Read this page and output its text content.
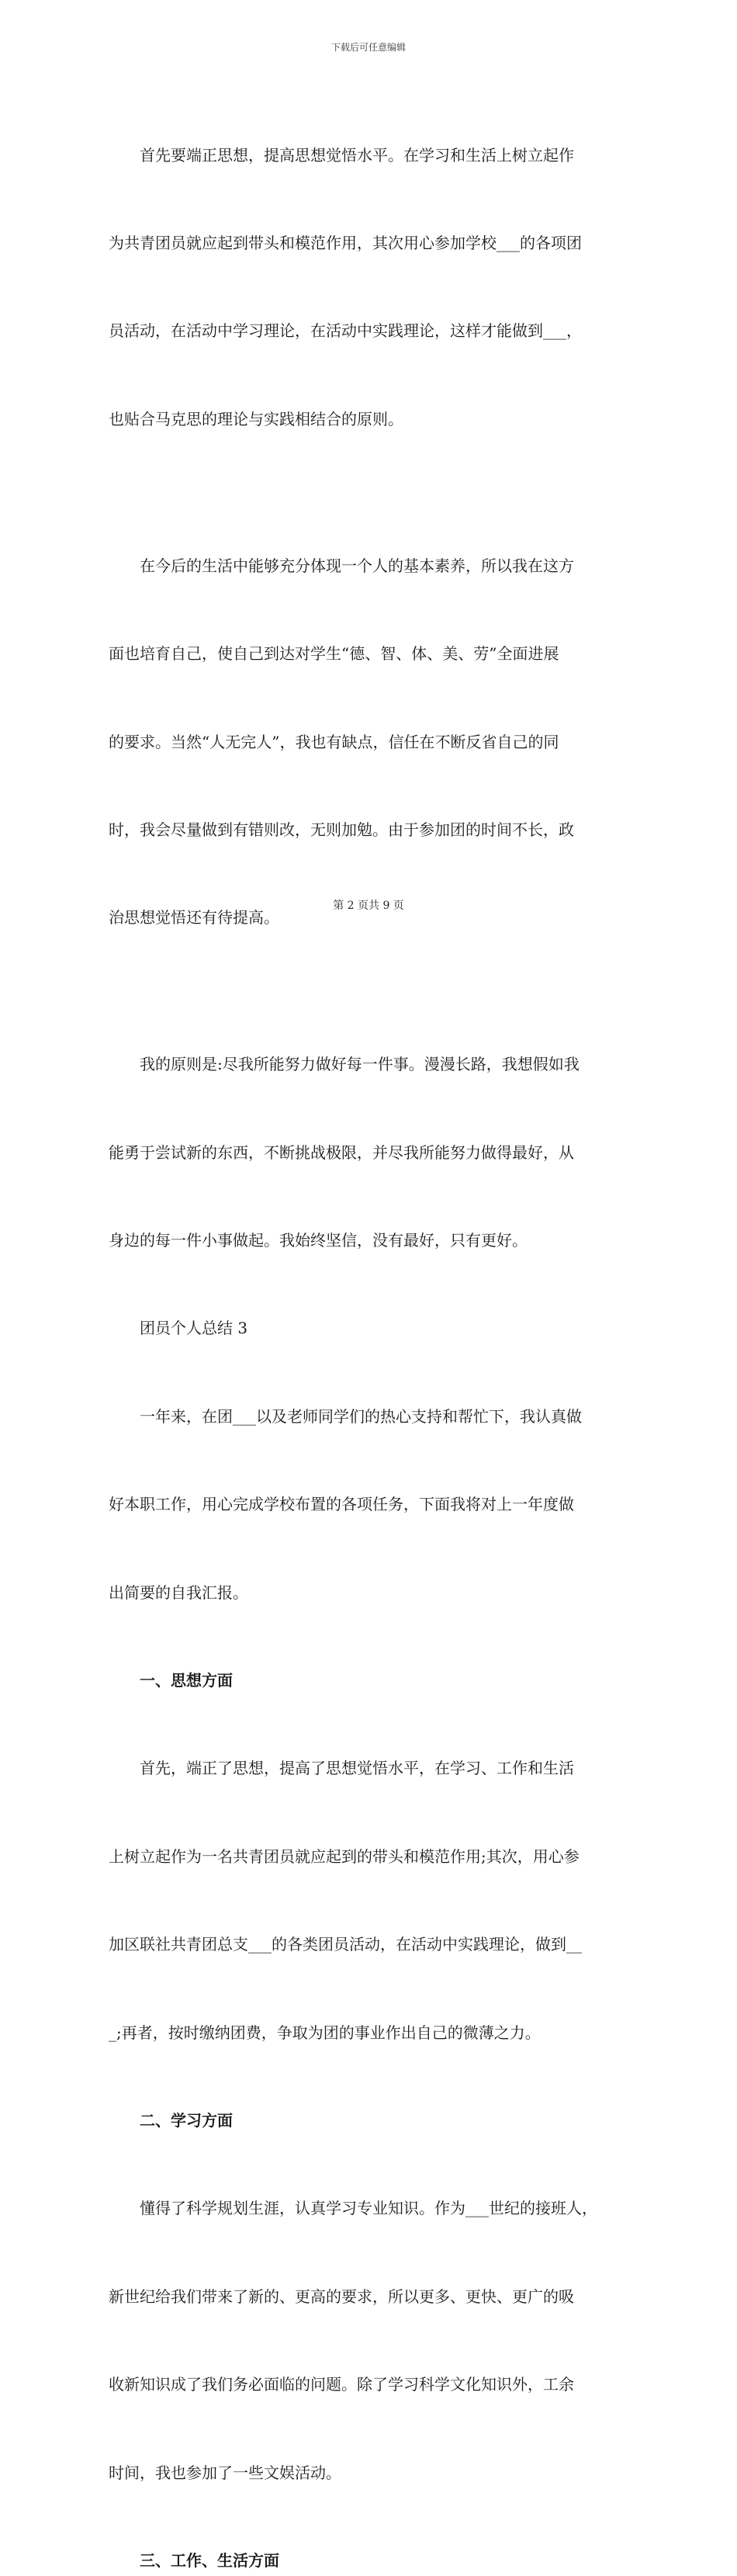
下载后可任意编辑

首先要端正思想，提高思想觉悟水平。在学习和生活上树立起作

为共青团员就应起到带头和模范作用，其次用心参加学校___的各项团

员活动，在活动中学习理论，在活动中实践理论，这样才能做到___，

也贴合马克思的理论与实践相结合的原则。

在今后的生活中能够充分体现一个人的基本素养，所以我在这方

面也培育自己，使自己到达对学生“德、智、体、美、劳”全面进展

的要求。当然“人无完人”，我也有缺点，信任在不断反省自己的同

时，我会尽量做到有错则改，无则加勉。由于参加团的时间不长，政

治思想觉悟还有待提高。

我的原则是:尽我所能努力做好每一件事。漫漫长路，我想假如我

能勇于尝试新的东西，不断挑战极限，并尽我所能努力做得最好，从

身边的每一件小事做起。我始终坚信，没有最好，只有更好。

团员个人总结 3

一年来，在团___以及老师同学们的热心支持和帮忙下，我认真做

好本职工作，用心完成学校布置的各项任务，下面我将对上一年度做

出简要的自我汇报。

一、思想方面

首先，端正了思想，提高了思想觉悟水平，在学习、工作和生活

上树立起作为一名共青团员就应起到的带头和模范作用;其次，用心参

加区联社共青团总支___的各类团员活动，在活动中实践理论，做到__

_;再者，按时缴纳团费，争取为团的事业作出自己的微薄之力。

二、学习方面

懂得了科学规划生涯，认真学习专业知识。作为___世纪的接班人，

新世纪给我们带来了新的、更高的要求，所以更多、更快、更广的吸

收新知识成了我们务必面临的问题。除了学习科学文化知识外，工余

时间，我也参加了一些文娱活动。

三、工作、生活方面
第 2 页共 9 页
